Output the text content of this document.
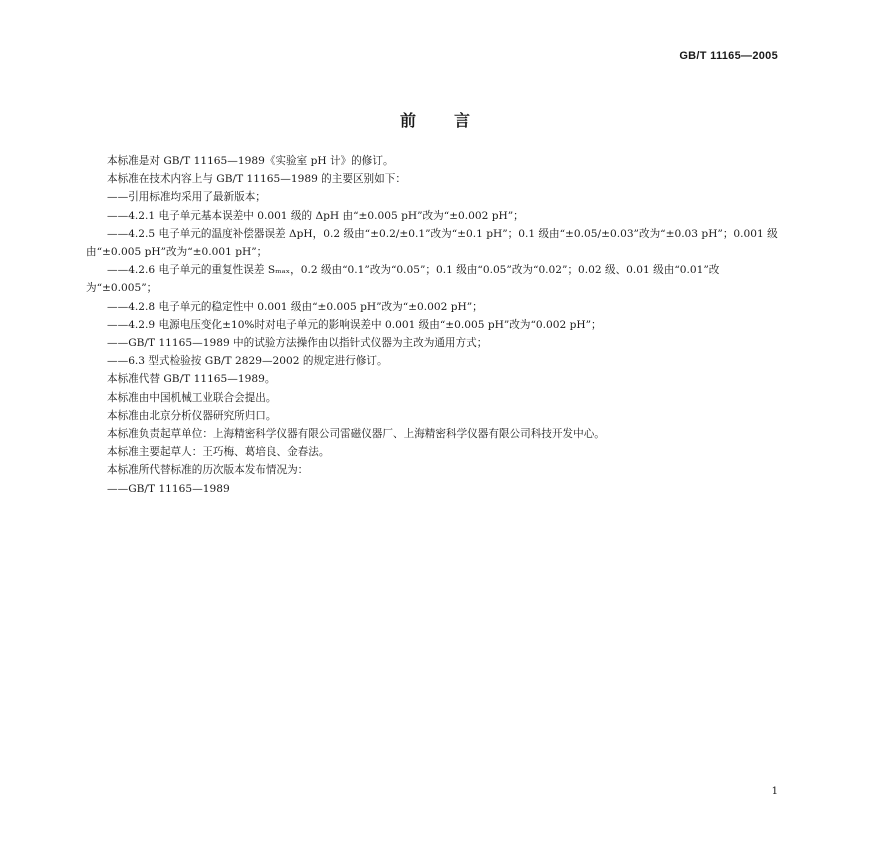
GB/T 11165—2005
前 言
本标准是对 GB/T 11165—1989《实验室 pH 计》的修订。
本标准在技术内容上与 GB/T 11165—1989 的主要区别如下：
——引用标准均采用了最新版本；
——4.2.1 电子单元基本误差中 0.001 级的 ΔpH 由“±0.005 pH”改为“±0.002 pH”；
——4.2.5 电子单元的温度补偿器误差 ΔpH，0.2 级由“±0.2/±0.1”改为“±0.1 pH”；0.1 级由“±0.05/±0.03”改为“±0.03 pH”；0.001 级由“±0.005 pH”改为“±0.001 pH”；
——4.2.6 电子单元的重复性误差 Sₘₐₓ，0.2 级由“0.1”改为“0.05”；0.1 级由“0.05”改为“0.02”；0.02 级、0.01 级由“0.01”改为“±0.005”；
——4.2.8 电子单元的稳定性中 0.001 级由“±0.005 pH”改为“±0.002 pH”；
——4.2.9 电源电压变化±10%时对电子单元的影响误差中 0.001 级由“±0.005 pH”改为“0.002 pH”；
——GB/T 11165—1989 中的试验方法操作由以指针式仪器为主改为通用方式；
——6.3 型式检验按 GB/T 2829—2002 的规定进行修订。
本标准代替 GB/T 11165—1989。
本标准由中国机械工业联合会提出。
本标准由北京分析仪器研究所归口。
本标准负责起草单位：上海精密科学仪器有限公司雷磁仪器厂、上海精密科学仪器有限公司科技开发中心。
本标准主要起草人：王巧梅、葛培良、金春法。
本标准所代替标准的历次版本发布情况为：
——GB/T 11165—1989
1
